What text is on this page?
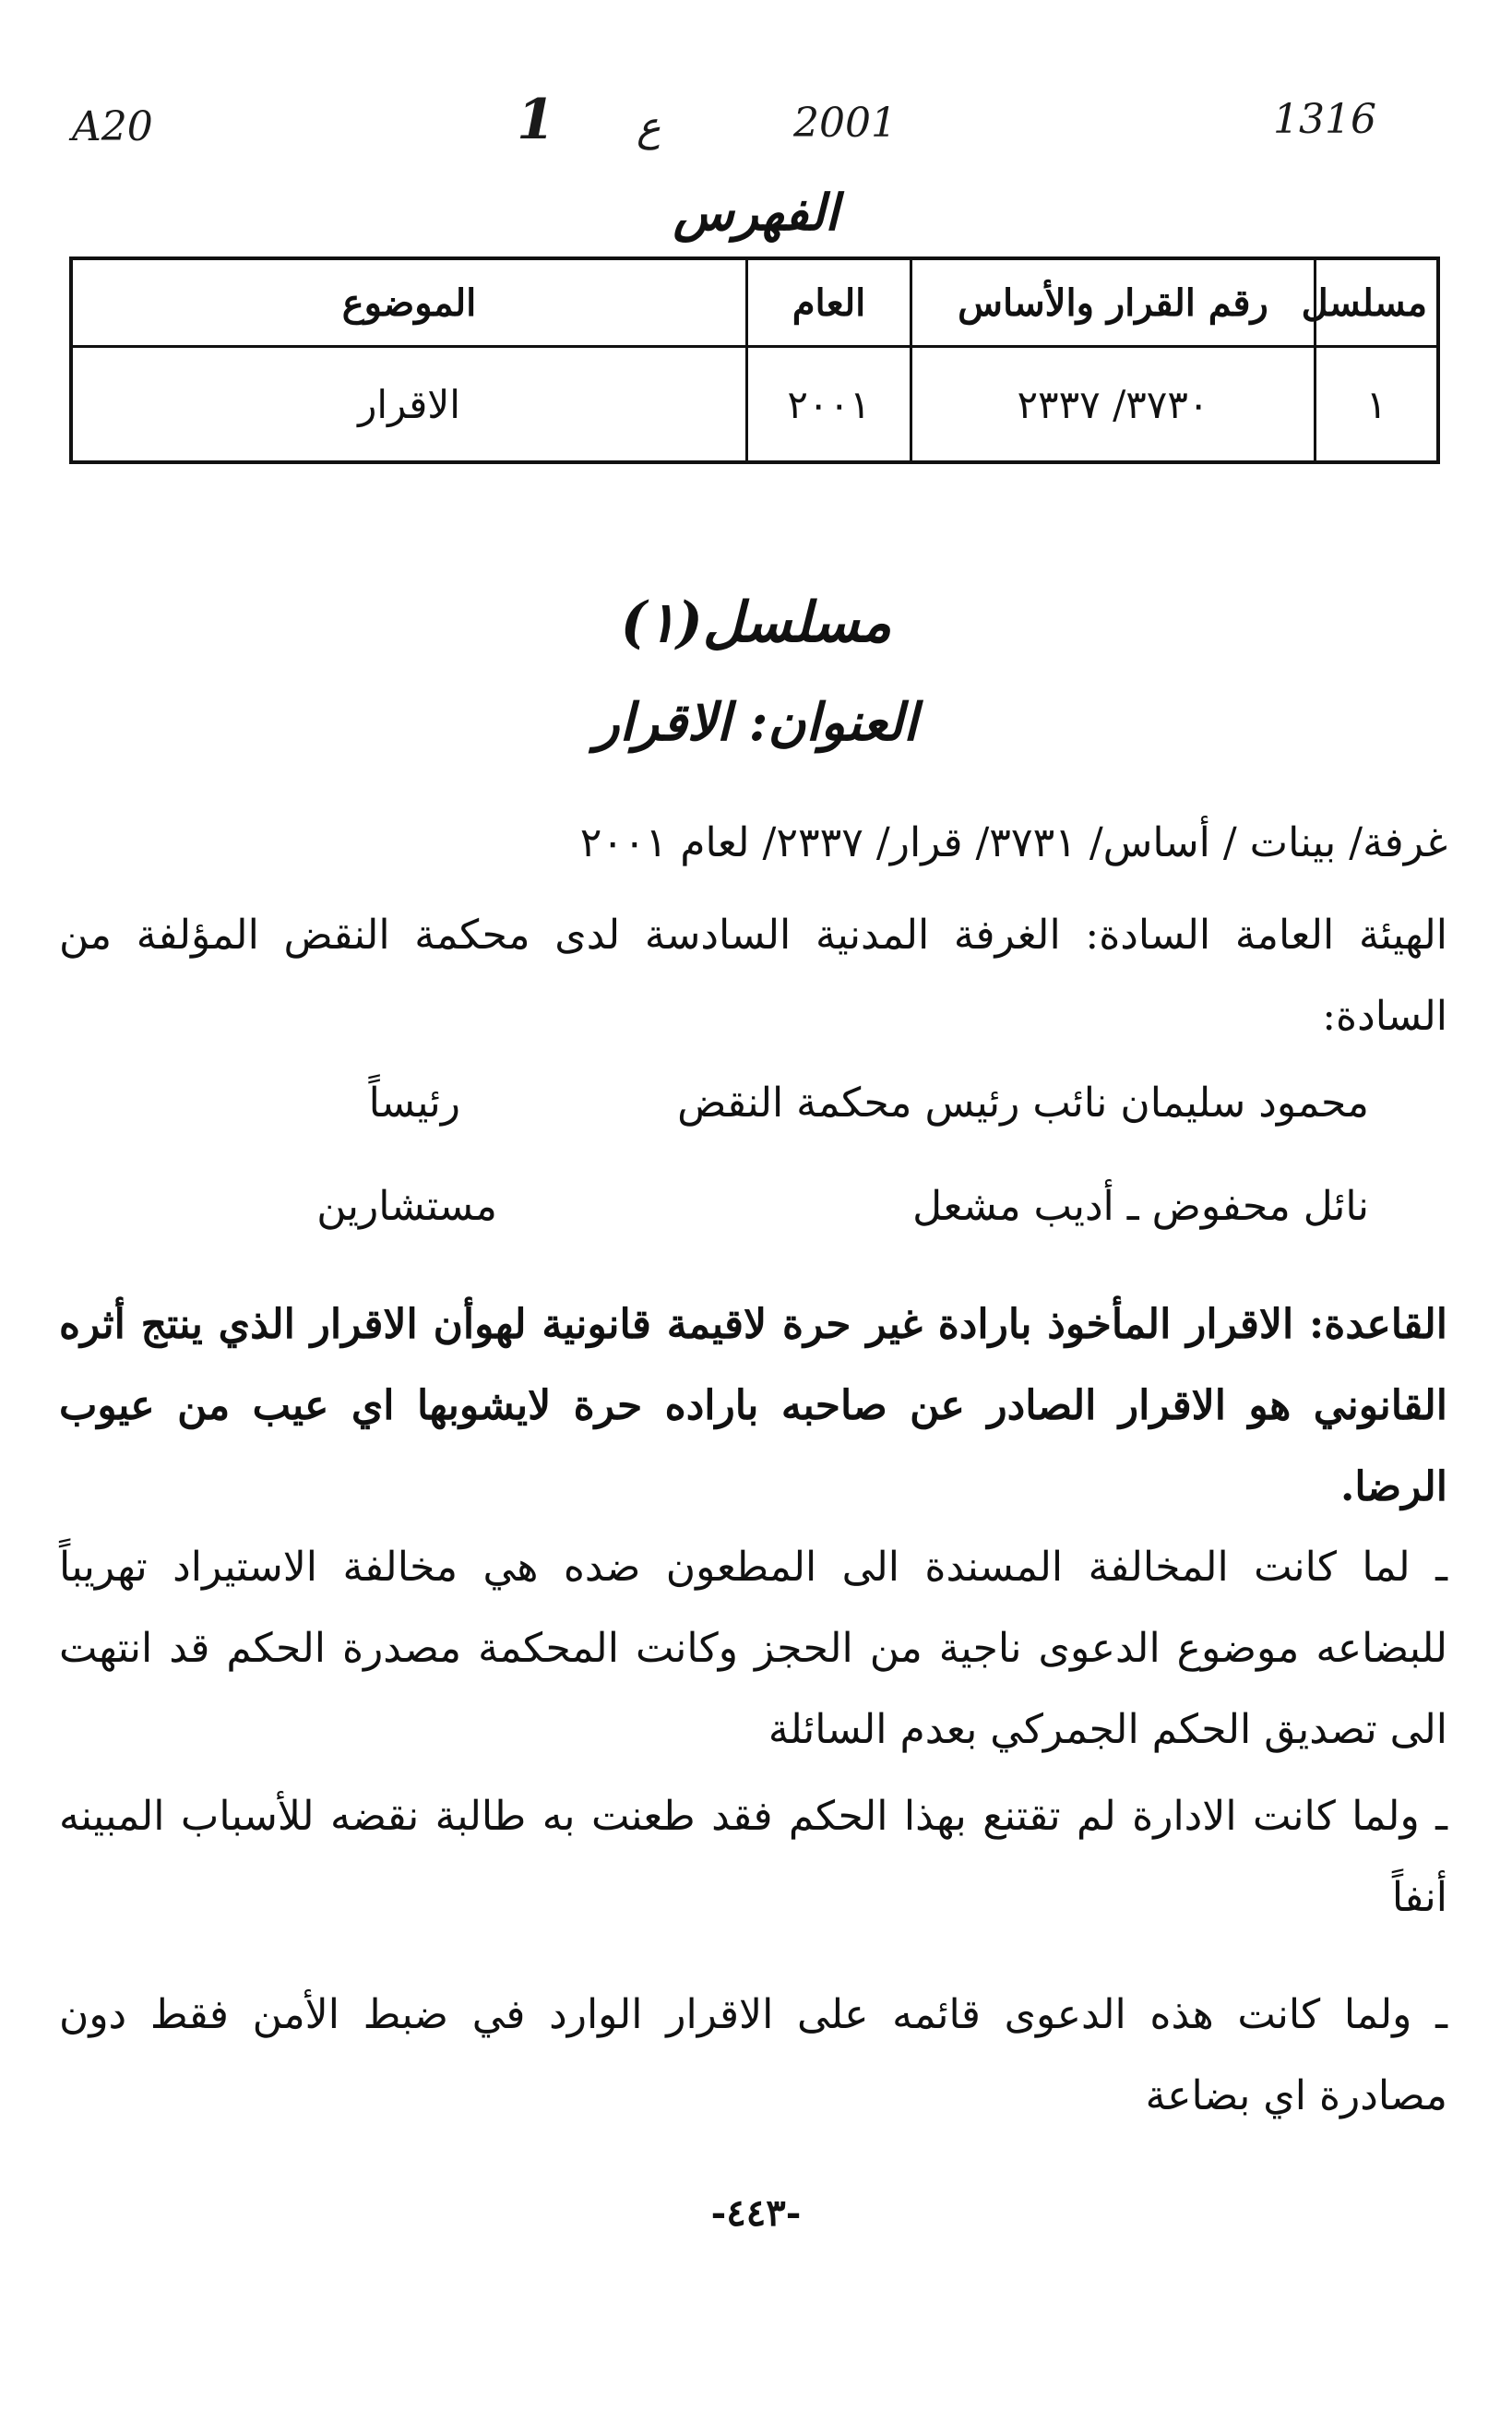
A20	1 ع	2001	1316
الفهرس
مسلسل	رقم القرار والأساس	العام	الموضوع
١	٣٧٣٠/ ٢٣٣٧	٢٠٠١	الاقرار
مسلسل(١)
العنوان: الاقرار
غرفة/ بينات / أساس/ ٣٧٣١/ قرار/ ٢٣٣٧/ لعام ٢٠٠١
الهيئة العامة السادة: الغرفة المدنية السادسة لدى محكمة النقض المؤلفة من السادة:
محمود سليمان نائب رئيس محكمة النقض
رئيساً
نائل محفوض ـ أديب مشعل
مستشارين
القاعدة: الاقرار المأخوذ بارادة غير حرة لاقيمة قانونية لهوأن الاقرار الذي ينتج أثره القانوني هو الاقرار الصادر عن صاحبه باراده حرة لايشوبها اي عيب من عيوب الرضا.
ـ لما كانت المخالفة المسندة الى المطعون ضده هي مخالفة الاستيراد تهريباً للبضاعه موضوع الدعوى ناجية من الحجز وكانت المحكمة مصدرة الحكم قد انتهت الى تصديق الحكم الجمركي بعدم السائلة
ـ ولما كانت الادارة لم تقتنع بهذا الحكم فقد طعنت به طالبة نقضه للأسباب المبينه أنفاً
ـ ولما كانت هذه الدعوى قائمه على الاقرار الوارد في ضبط الأمن فقط دون مصادرة اي بضاعة
-٤٤٣-
